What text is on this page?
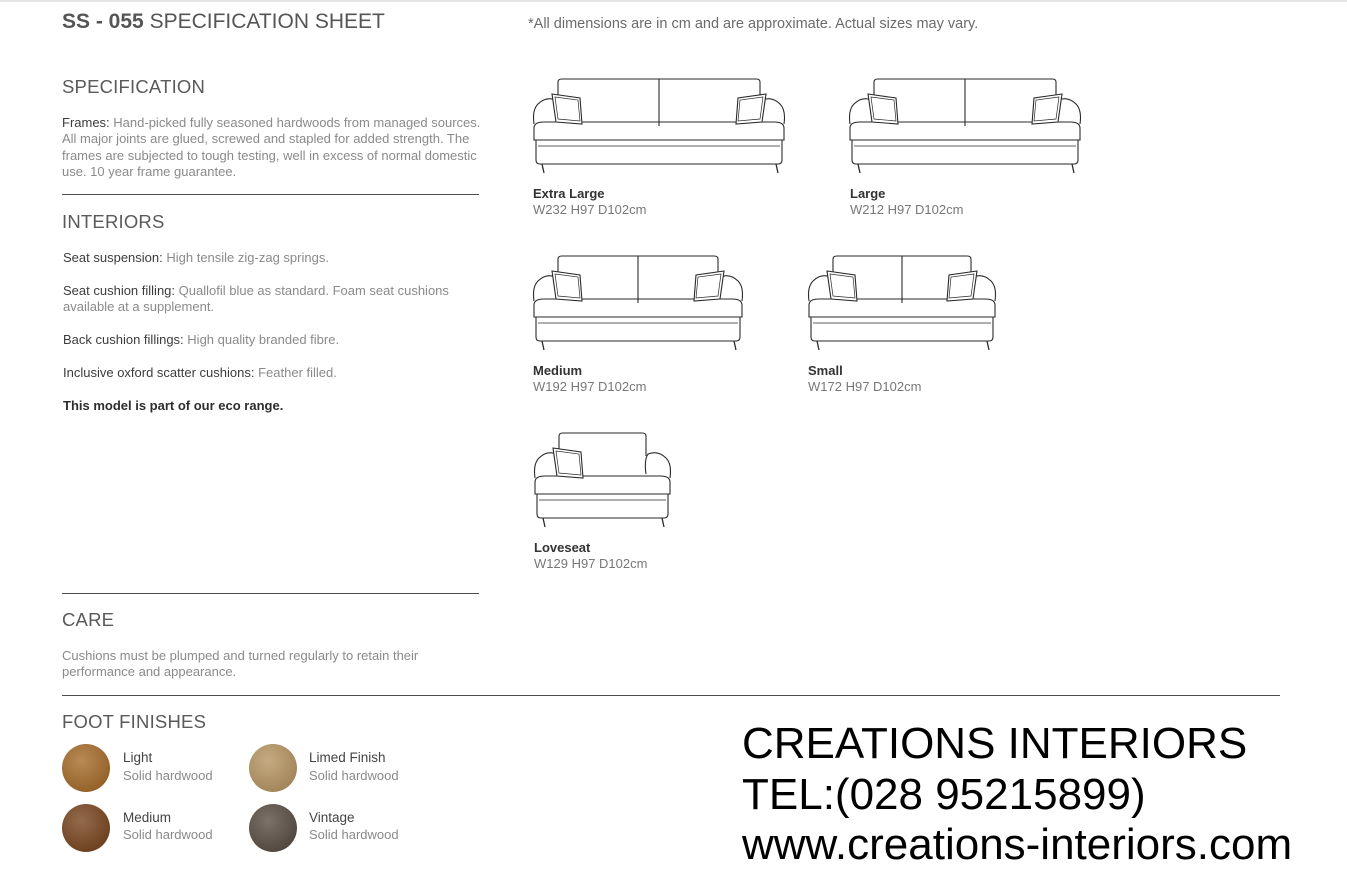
SS - 055 SPECIFICATION SHEET	*All dimensions are in cm and are approximate. Actual sizes may vary.
SPECIFICATION
Frames: Hand-picked fully seasoned hardwoods from managed sources. All major joints are glued, screwed and stapled for added strength. The frames are subjected to tough testing, well in excess of normal domestic use. 10 year frame guarantee.
INTERIORS
Seat suspension: High tensile zig-zag springs.
Seat cushion filling: Quallofil blue as standard. Foam seat cushions available at a supplement.
Back cushion fillings: High quality branded fibre.
Inclusive oxford scatter cushions: Feather filled.
This model is part of our eco range.
Extra Large
W232 H97 D102cm
Large
W212 H97 D102cm
Medium
W192 H97 D102cm
Small
W172 H97 D102cm
Loveseat
W129 H97 D102cm
CARE
Cushions must be plumped and turned regularly to retain their performance and appearance.
FOOT FINISHES
Light
Solid hardwood
Limed Finish
Solid hardwood
Medium
Solid hardwood
Vintage
Solid hardwood
CREATIONS INTERIORS
TEL:(028 95215899)
www.creations-interiors.com
